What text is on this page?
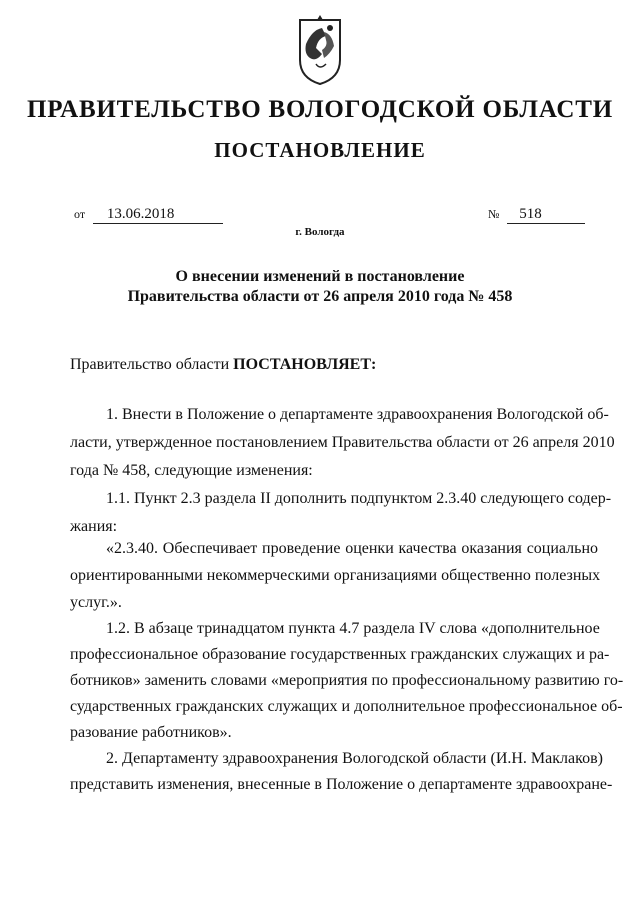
ПРАВИТЕЛЬСТВО ВОЛОГОДСКОЙ ОБЛАСТИ
ПОСТАНОВЛЕНИЕ
от 13.06.2018	№ 518
г. Вологда
О внесении изменений в постановление
Правительства области от 26 апреля 2010 года № 458
Правительство области ПОСТАНОВЛЯЕТ:
1. Внести в Положение о департаменте здравоохранения Вологодской об-
ласти, утвержденное постановлением Правительства области от 26 апреля 2010
года № 458, следующие изменения:
1.1. Пункт 2.3 раздела II дополнить подпунктом 2.3.40 следующего содер-
жания:
«2.3.40. Обеспечивает проведение оценки качества оказания социально
ориентированными некоммерческими организациями общественно полезных
услуг.».
1.2. В абзаце тринадцатом пункта 4.7 раздела IV слова «дополнительное
профессиональное образование государственных гражданских служащих и ра-
ботников» заменить словами «мероприятия по профессиональному развитию го-
сударственных гражданских служащих и дополнительное профессиональное об-
разование работников».
2. Департаменту здравоохранения Вологодской области (И.Н. Маклаков)
представить изменения, внесенные в Положение о департаменте здравоохране-
